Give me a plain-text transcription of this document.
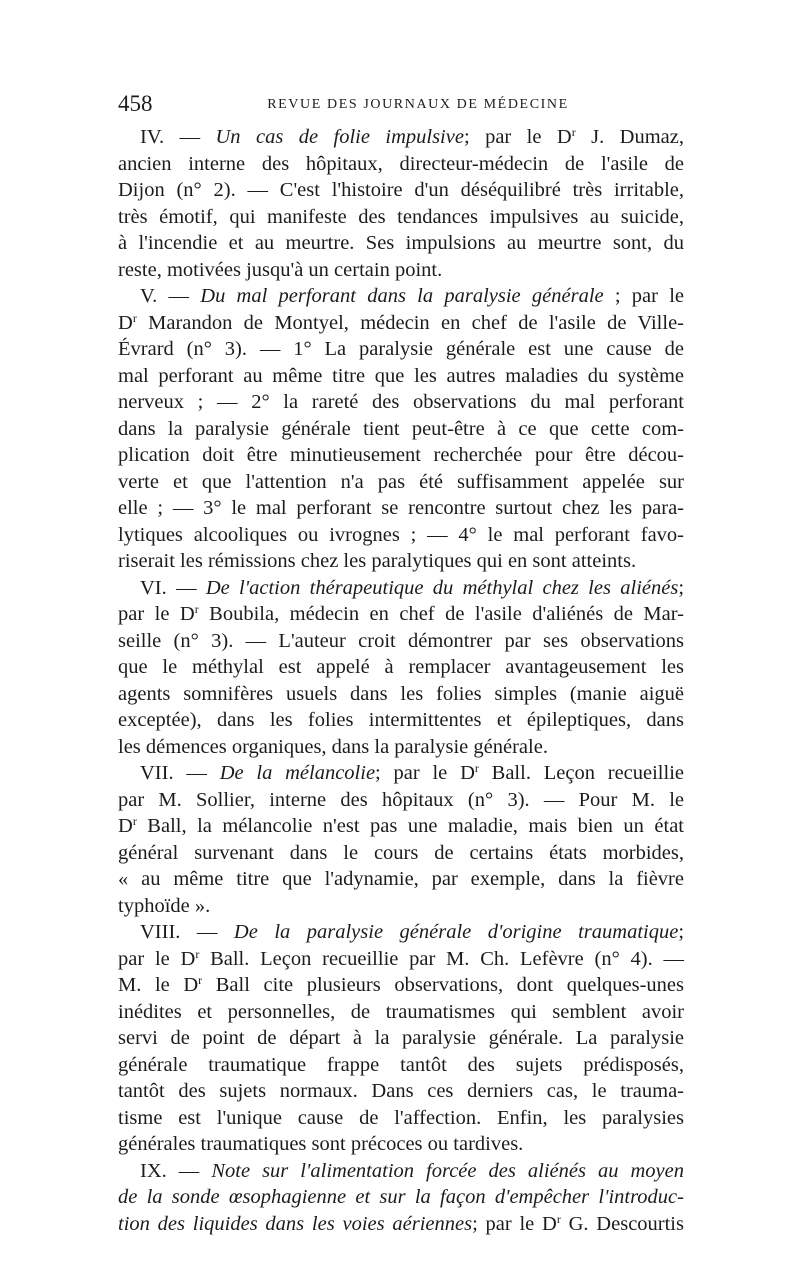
458	REVUE DES JOURNAUX DE MÉDECINE
IV. — Un cas de folie impulsive; par le $D^r$ J. Dumaz,
ancien interne des hôpitaux, directeur-médecin de l'asile de
Dijon (n° 2). — C'est l'histoire d'un déséquilibré très irritable,
très émotif, qui manifeste des tendances impulsives au suicide,
à l'incendie et au meurtre. Ses impulsions au meurtre sont, du
reste, motivées jusqu'à un certain point.
V. — Du mal perforant dans la paralysie générale ; par le
$D^r$ Marandon de Montyel, médecin en chef de l'asile de Ville-
Évrard (n° 3). — 1° La paralysie générale est une cause de
mal perforant au même titre que les autres maladies du système
nerveux ; — 2° la rareté des observations du mal perforant
dans la paralysie générale tient peut-être à ce que cette com-
plication doit être minutieusement recherchée pour être décou-
verte et que l'attention n'a pas été suffisamment appelée sur
elle ; — 3° le mal perforant se rencontre surtout chez les para-
lytiques alcooliques ou ivrognes ; — 4° le mal perforant favo-
riserait les rémissions chez les paralytiques qui en sont atteints.
VI. — De l'action thérapeutique du méthylal chez les aliénés;
par le $D^r$ Boubila, médecin en chef de l'asile d'aliénés de Mar-
seille (n° 3). — L'auteur croit démontrer par ses observations
que le méthylal est appelé à remplacer avantageusement les
agents somnifères usuels dans les folies simples (manie aiguë
exceptée), dans les folies intermittentes et épileptiques, dans
les démences organiques, dans la paralysie générale.
VII. — De la mélancolie; par le $D^r$ Ball. Leçon recueillie
par M. Sollier, interne des hôpitaux (n° 3). — Pour M. le
$D^r$ Ball, la mélancolie n'est pas une maladie, mais bien un état
général survenant dans le cours de certains états morbides,
« au même titre que l'adynamie, par exemple, dans la fièvre
typhoïde ».
VIII. — De la paralysie générale d'origine traumatique;
par le $D^r$ Ball. Leçon recueillie par M. Ch. Lefèvre (n° 4). —
M. le $D^r$ Ball cite plusieurs observations, dont quelques-unes
inédites et personnelles, de traumatismes qui semblent avoir
servi de point de départ à la paralysie générale. La paralysie
générale traumatique frappe tantôt des sujets prédisposés,
tantôt des sujets normaux. Dans ces derniers cas, le trauma-
tisme est l'unique cause de l'affection. Enfin, les paralysies
générales traumatiques sont précoces ou tardives.
IX. — Note sur l'alimentation forcée des aliénés au moyen
de la sonde œsophagienne et sur la façon d'empêcher l'introduc-
tion des liquides dans les voies aériennes; par le $D^r$ G. Descourtis
